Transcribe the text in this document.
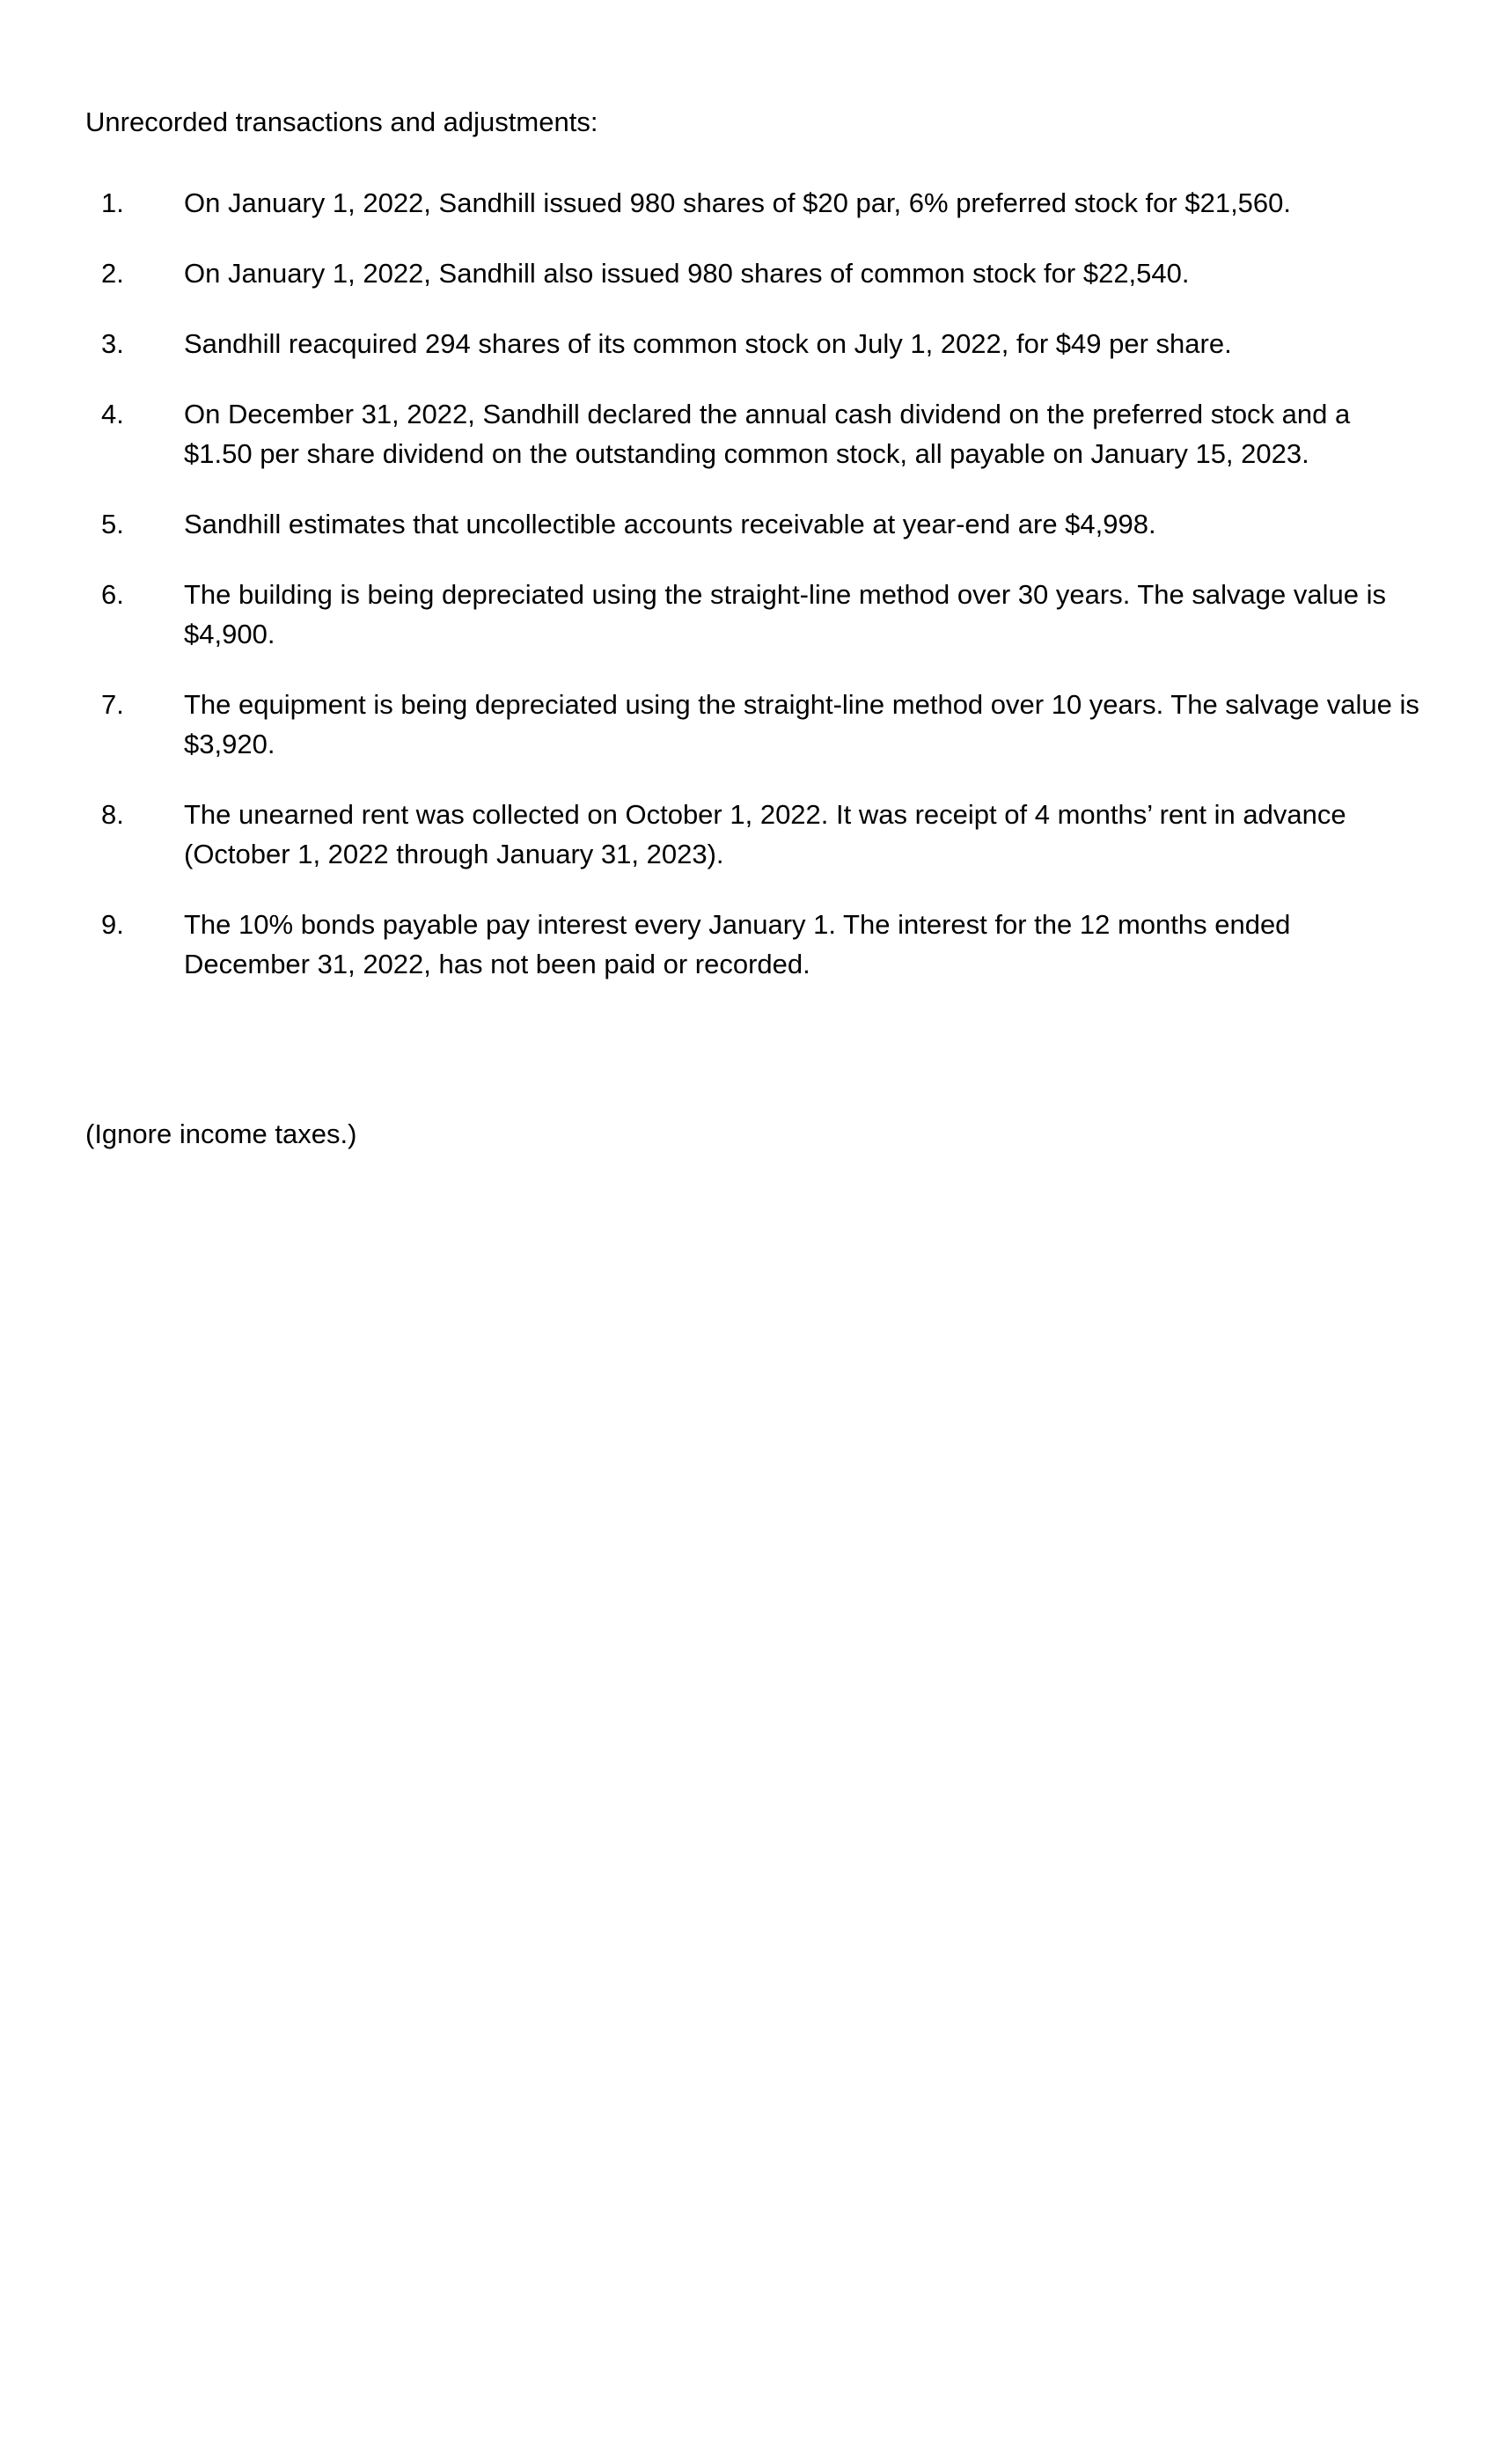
Unrecorded transactions and adjustments:
1.	On January 1, 2022, Sandhill issued 980 shares of $20 par, 6% preferred stock for $21,560.
2.	On January 1, 2022, Sandhill also issued 980 shares of common stock for $22,540.
3.	Sandhill reacquired 294 shares of its common stock on July 1, 2022, for $49 per share.
4.	On December 31, 2022, Sandhill declared the annual cash dividend on the preferred stock and a $1.50 per share dividend on the outstanding common stock, all payable on January 15, 2023.
5.	Sandhill estimates that uncollectible accounts receivable at year-end are $4,998.
6.	The building is being depreciated using the straight-line method over 30 years. The salvage value is $4,900.
7.	The equipment is being depreciated using the straight-line method over 10 years. The salvage value is $3,920.
8.	The unearned rent was collected on October 1, 2022. It was receipt of 4 months’ rent in advance (October 1, 2022 through January 31, 2023).
9.	The 10% bonds payable pay interest every January 1. The interest for the 12 months ended December 31, 2022, has not been paid or recorded.

(Ignore income taxes.)
